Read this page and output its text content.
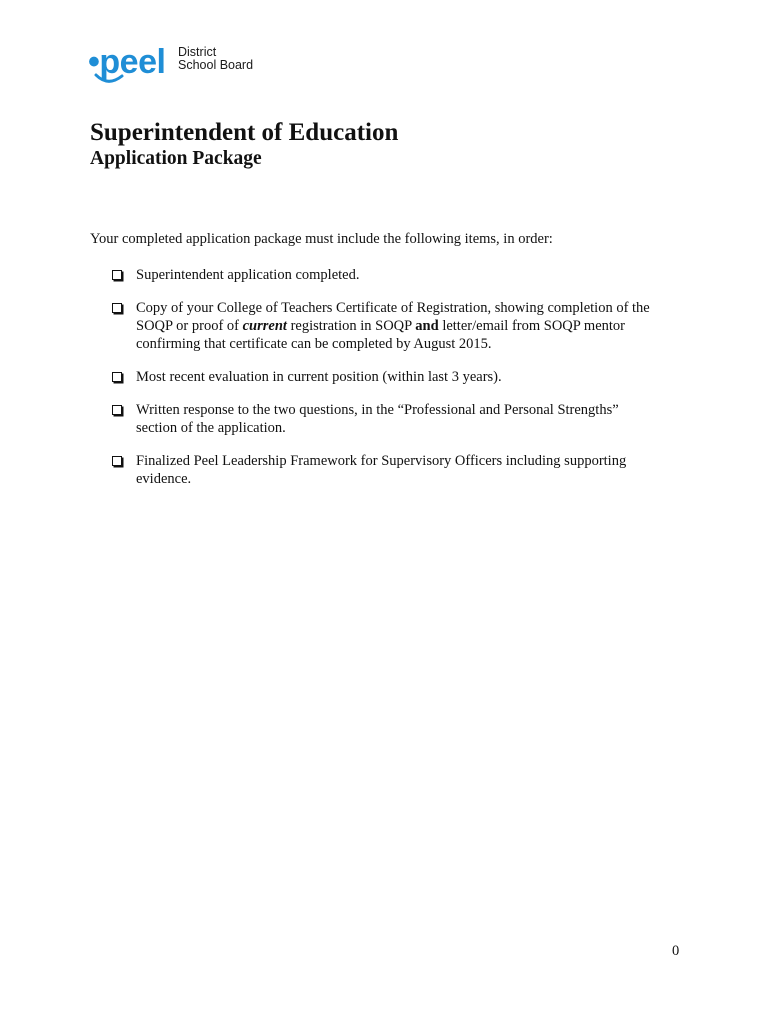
•peel District
School Board
Superintendent of Education
Application Package

Your completed application package must include the following items, in order:

Superintendent application completed.
Copy of your College of Teachers Certificate of Registration, showing completion of the SOQP or proof of current registration in SOQP and letter/email from SOQP mentor confirming that certificate can be completed by August 2015.
Most recent evaluation in current position (within last 3 years).
Written response to the two questions, in the “Professional and Personal Strengths” section of the application.
Finalized Peel Leadership Framework for Supervisory Officers including supporting evidence.
0
